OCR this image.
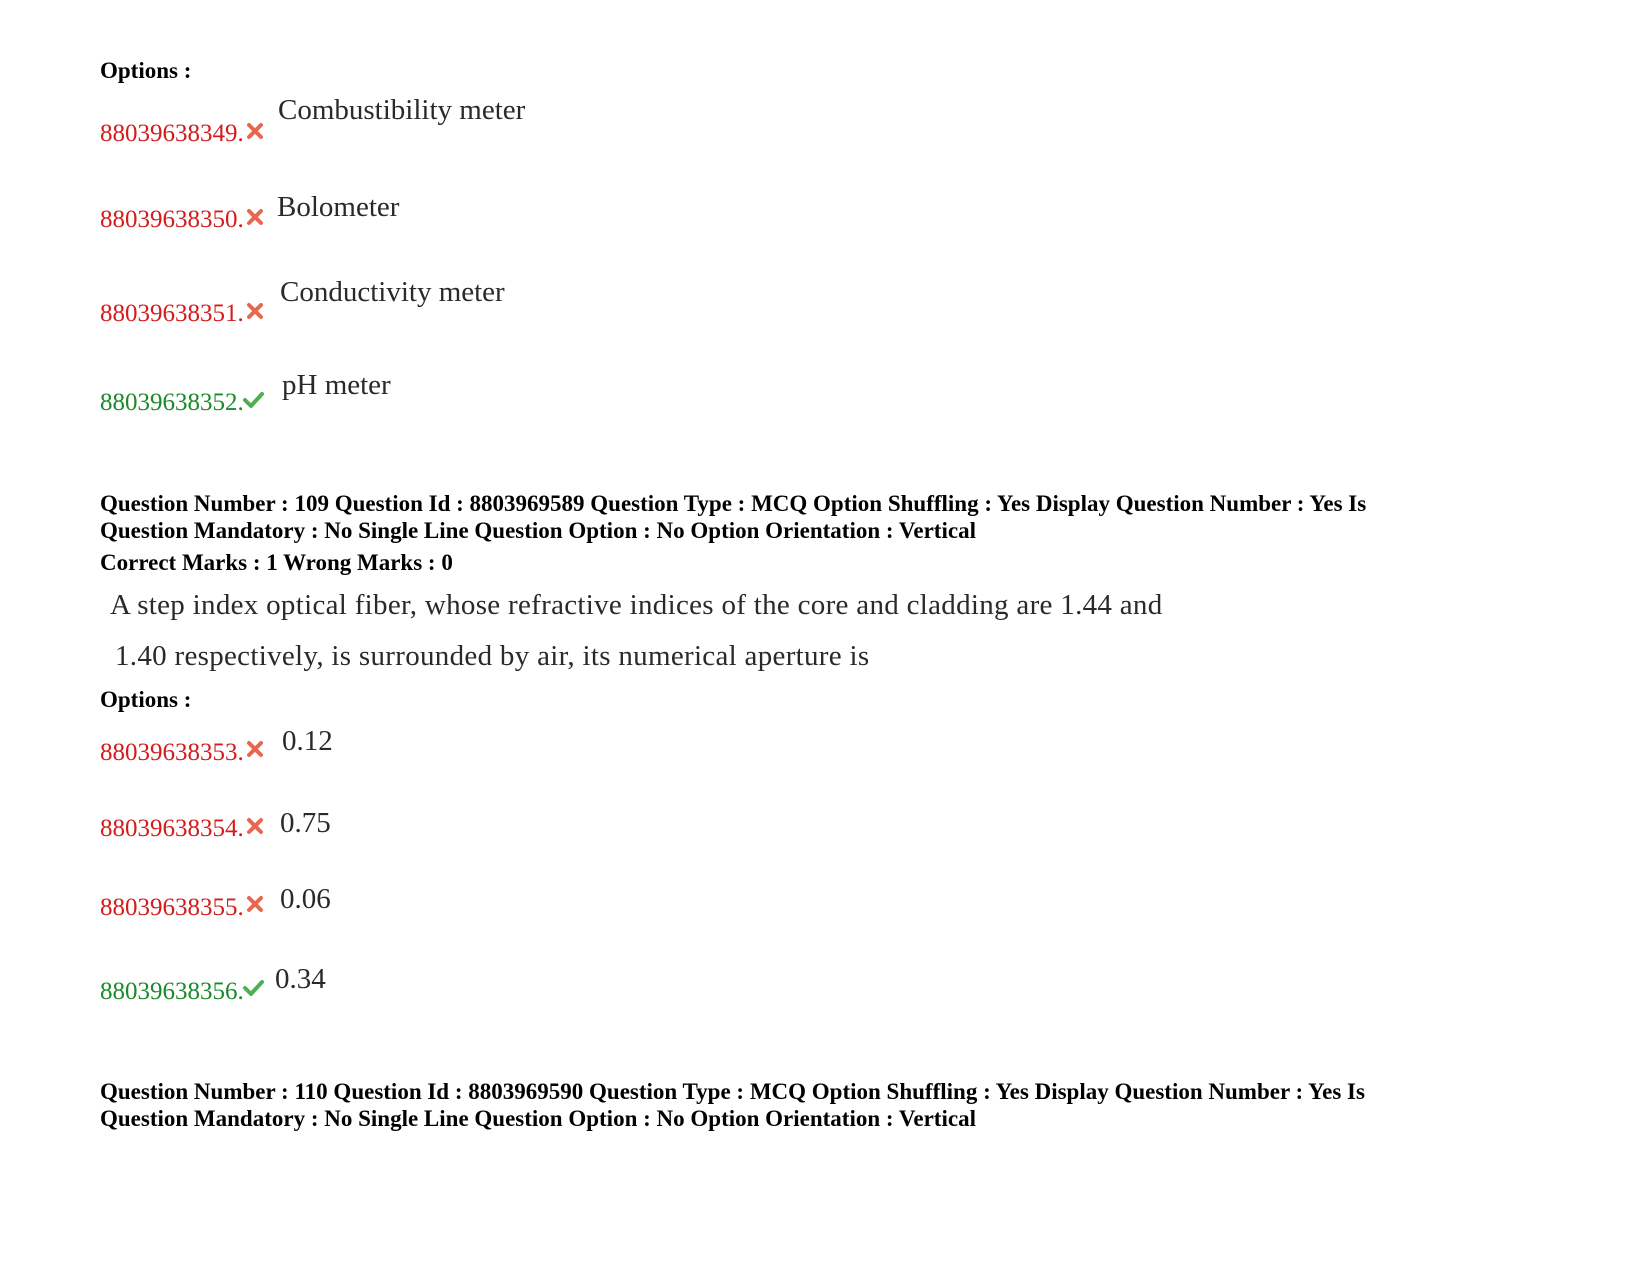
Options :
88039638349.
Combustibility meter
88039638350. Bolometer
88039638351.
Conductivity meter
88039638352.
pH meter
Question Number : 109 Question Id : 8803969589 Question Type : MCQ Option Shuffling : Yes Display Question Number : Yes Is
Question Mandatory : No Single Line Question Option : No Option Orientation : Vertical
Correct Marks : 1 Wrong Marks : 0
A step index optical fiber, whose refractive indices of the core and cladding are 1.44 and
1.40 respectively, is surrounded by air, its numerical aperture is
Options :
88039638353. 0.12
88039638354. 0.75
88039638355. 0.06
88039638356. 0.34
Question Number : 110 Question Id : 8803969590 Question Type : MCQ Option Shuffling : Yes Display Question Number : Yes Is
Question Mandatory : No Single Line Question Option : No Option Orientation : Vertical
